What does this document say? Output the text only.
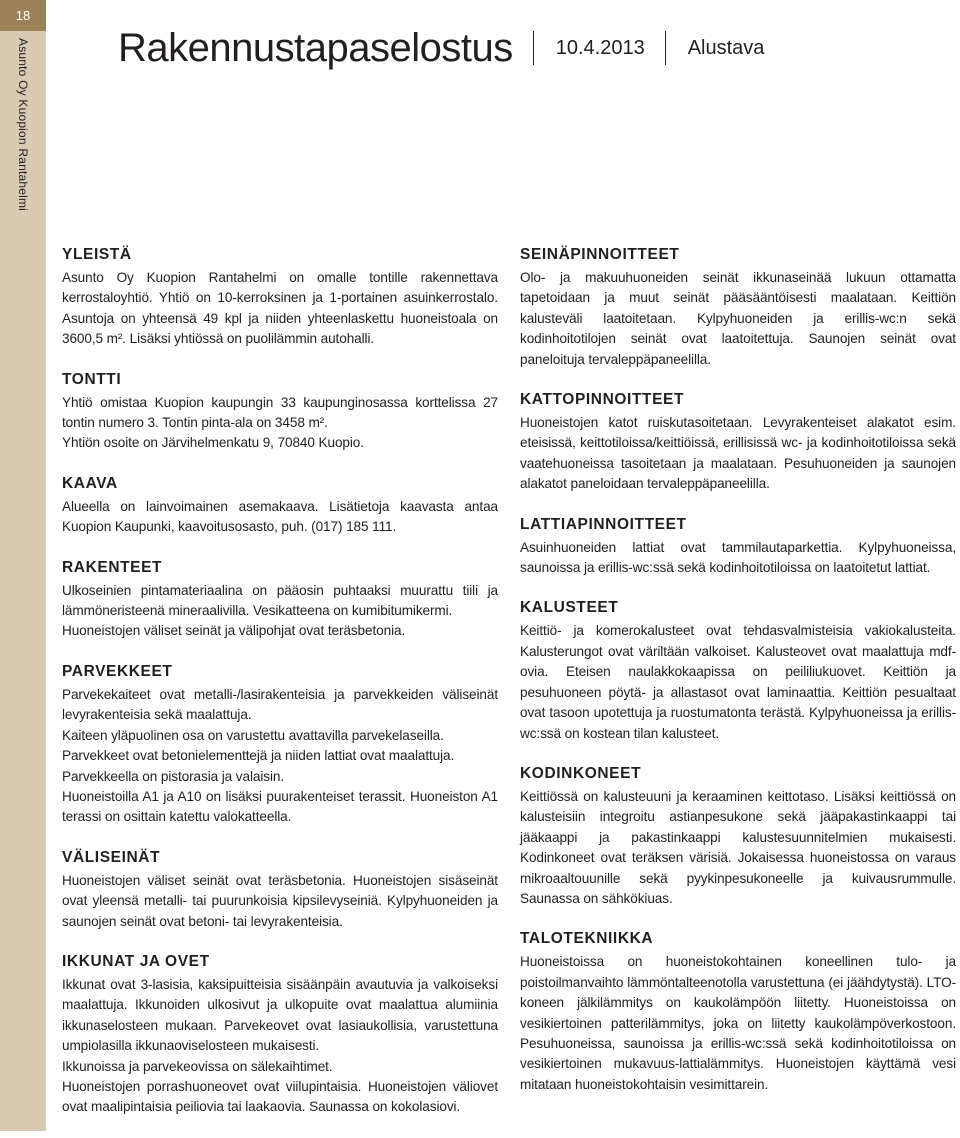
18
Asunto Oy Kuopion Rantahelmi Rakennustapaselostus 10.4.2013 Alustava
YLEISTÄ

Asunto Oy Kuopion Rantahelmi on omalle tontille rakennettava kerrostaloyhtiö. Yhtiö on 10-kerroksinen ja 1-portainen asuinkerrostalo. Asuntoja on yhteensä 49 kpl ja niiden yhteenlaskettu huoneistoala on 3600,5 m². Lisäksi yhtiössä on puolilämmin autohalli.

TONTTI

Yhtiö omistaa Kuopion kaupungin 33 kaupunginosassa korttelissa 27 tontin numero 3. Tontin pinta-ala on 3458 m².

Yhtiön osoite on Järvihelmenkatu 9, 70840 Kuopio.

KAAVA

Alueella on lainvoimainen asemakaava. Lisätietoja kaavasta antaa Kuopion Kaupunki, kaavoitusosasto, puh. (017) 185 111.

RAKENTEET

Ulkoseinien pintamateriaalina on pääosin puhtaaksi muurattu tiili ja lämmöneristeenä mineraalivilla. Vesikatteena on kumibitumikermi.

Huoneistojen väliset seinät ja välipohjat ovat teräsbetonia.

PARVEKKEET

Parvekekaiteet ovat metalli-/lasirakenteisia ja parvekkeiden väliseinät levyrakenteisia sekä maalattuja.

Kaiteen yläpuolinen osa on varustettu avattavilla parvekelaseilla.

Parvekkeet ovat betonielementtejä ja niiden lattiat ovat maalattuja.

Parvekkeella on pistorasia ja valaisin.

Huoneistoilla A1 ja A10 on lisäksi puurakenteiset terassit. Huoneiston A1 terassi on osittain katettu valokatteella.

VÄLISEINÄT

Huoneistojen väliset seinät ovat teräsbetonia. Huoneistojen sisäseinät ovat yleensä metalli- tai puurunkoisia kipsilevyseiniä. Kylpyhuoneiden ja saunojen seinät ovat betoni- tai levyrakenteisia.

IKKUNAT JA OVET

Ikkunat ovat 3-lasisia, kaksipuitteisia sisäänpäin avautuvia ja valkoiseksi maalattuja. Ikkunoiden ulkosivut ja ulkopuite ovat maalattua alumiinia ikkunaselosteen mukaan. Parvekeovet ovat lasiaukollisia, varustettuna umpiolasilla ikkunaoviselosteen mukaisesti.

Ikkunoissa ja parvekeovissa on sälekaihtimet.

Huoneistojen porrashuoneovet ovat viilupintaisia. Huoneistojen väliovet ovat maalipintaisia peiliovia tai laakaovia. Saunassa on kokolasiovi.

SEINÄPINNOITTEET

Olo- ja makuuhuoneiden seinät ikkunaseinää lukuun ottamatta tapetoidaan ja muut seinät pääsääntöisesti maalataan. Keittiön kalusteväli laatoitetaan. Kylpyhuoneiden ja erillis-wc:n sekä kodinhoitotilojen seinät ovat laatoitettuja. Saunojen seinät ovat paneloituja tervaleppäpaneelilla.

KATTOPINNOITTEET

Huoneistojen katot ruiskutasoitetaan. Levyrakenteiset alakatot esim. eteisissä, keittotiloissa/keittiöissä, erillisissä wc- ja kodinhoitotiloissa sekä vaatehuoneissa tasoitetaan ja maalataan. Pesuhuoneiden ja saunojen alakatot paneloidaan tervaleppäpaneelilla.

LATTIAPINNOITTEET

Asuinhuoneiden lattiat ovat tammilautaparkettia. Kylpyhuoneissa, saunoissa ja erillis-wc:ssä sekä kodinhoitotiloissa on laatoitetut lattiat.

KALUSTEET

Keittiö- ja komerokalusteet ovat tehdasvalmisteisia vakiokalusteita. Kalusterungot ovat väriltään valkoiset. Kalusteovet ovat maalattuja mdf-ovia. Eteisen naulakkokaapissa on peililiukuovet. Keittiön ja pesuhuoneen pöytä- ja allastasot ovat laminaattia. Keittiön pesualtaat ovat tasoon upotettuja ja ruostumatonta terästä. Kylpyhuoneissa ja erillis-wc:ssä on kostean tilan kalusteet.

KODINKONEET

Keittiössä on kalusteuuni ja keraaminen keittotaso. Lisäksi keittiössä on kalusteisiin integroitu astianpesukone sekä jääpakastinkaappi tai jääkaappi ja pakastinkaappi kalustesuunnitelmien mukaisesti. Kodinkoneet ovat teräksen värisiä. Jokaisessa huoneistossa on varaus mikroaaltouunille sekä pyykinpesukoneelle ja kuivausrummulle. Saunassa on sähkökiuas.

TALOTEKNIIKKA

Huoneistoissa on huoneistokohtainen koneellinen tulo- ja poistoilmanvaihto lämmöntalteenotolla varustettuna (ei jäähdytystä). LTO-koneen jälkilämmitys on kaukolämpöön liitetty. Huoneistoissa on vesikiertoinen patterilämmitys, joka on liitetty kaukolämpöverkostoon. Pesuhuoneissa, saunoissa ja erillis-wc:ssä sekä kodinhoitotiloissa on vesikiertoinen mukavuus-lattialämmitys. Huoneistojen käyttämä vesi mitataan huoneistokohtaisin vesimittarein.
